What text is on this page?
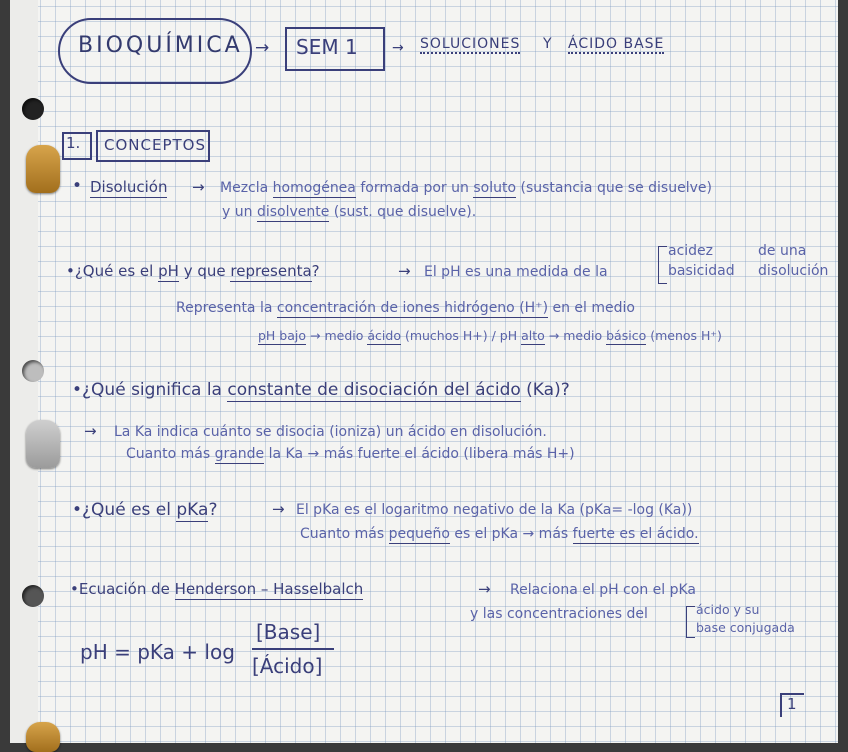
BIOQUÍMICA → SEM 1 → SOLUCIONES Y ÁCIDO BASE
1. CONCEPTOS
• Disolución → Mezcla homogénea formada por un soluto (sustancia que se disuelve)
y un disolvente (sust. que disuelve).
•¿Qué es el pH y que representa?	→ El pH es una medida de la
acidez
basicidad
de una
disolución
Representa la concentración de iones hidrógeno (H⁺) en el medio
pH bajo → medio ácido (muchos H+) / pH alto → medio básico (menos H⁺)
•¿Qué significa la constante de disociación del ácido (Ka)?
→ La Ka indica cuánto se disocia (ioniza) un ácido en disolución.
Cuanto más grande la Ka → más fuerte el ácido (libera más H+)
•¿Qué es el pKa?	→ El pKa es el logaritmo negativo de la Ka (pKa= -log (Ka))
Cuanto más pequeño es el pKa → más fuerte es el ácido.
•Ecuación de Henderson – Hasselbalch	→ Relaciona el pH con el pKa
y las concentraciones del	ácido y su
base conjugada
pH = pKa + log
[Base]
[Ácido]
1
